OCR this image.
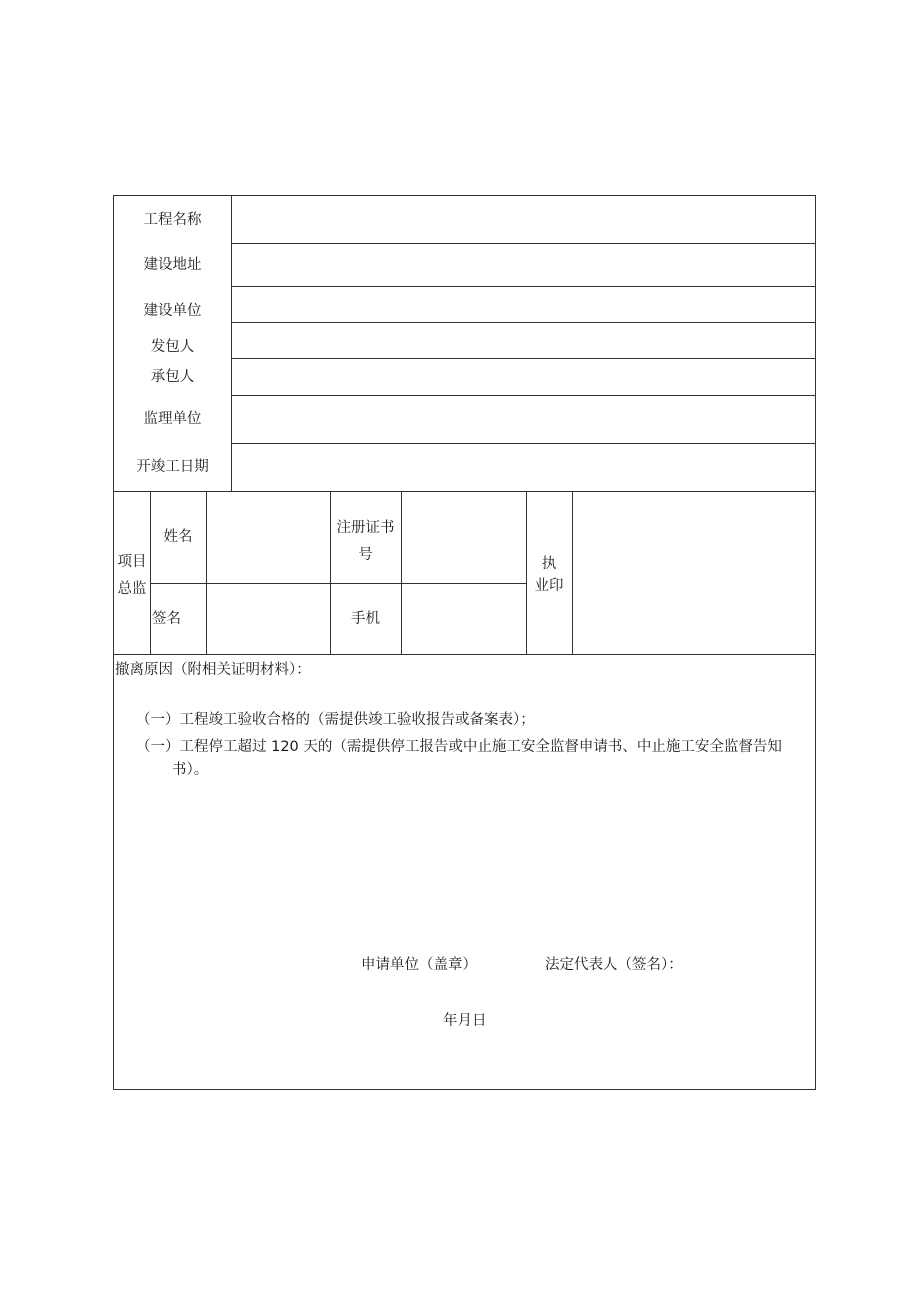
工程名称
建设地址
建设单位
发包人
承包人
监理单位
开竣工日期
项目
总监
姓名
注册证书
号
执
业印
签名	手机
撤离原因（附相关证明材料）：
（一）工程竣工验收合格的（需提供竣工验收报告或备案表）；
（一）工程停工超过 120 天的（需提供停工报告或中止施工安全监督申请书、中止施工安全监督告知
书）。
申请单位（盖章）	法定代表人（签名）：
年月日
